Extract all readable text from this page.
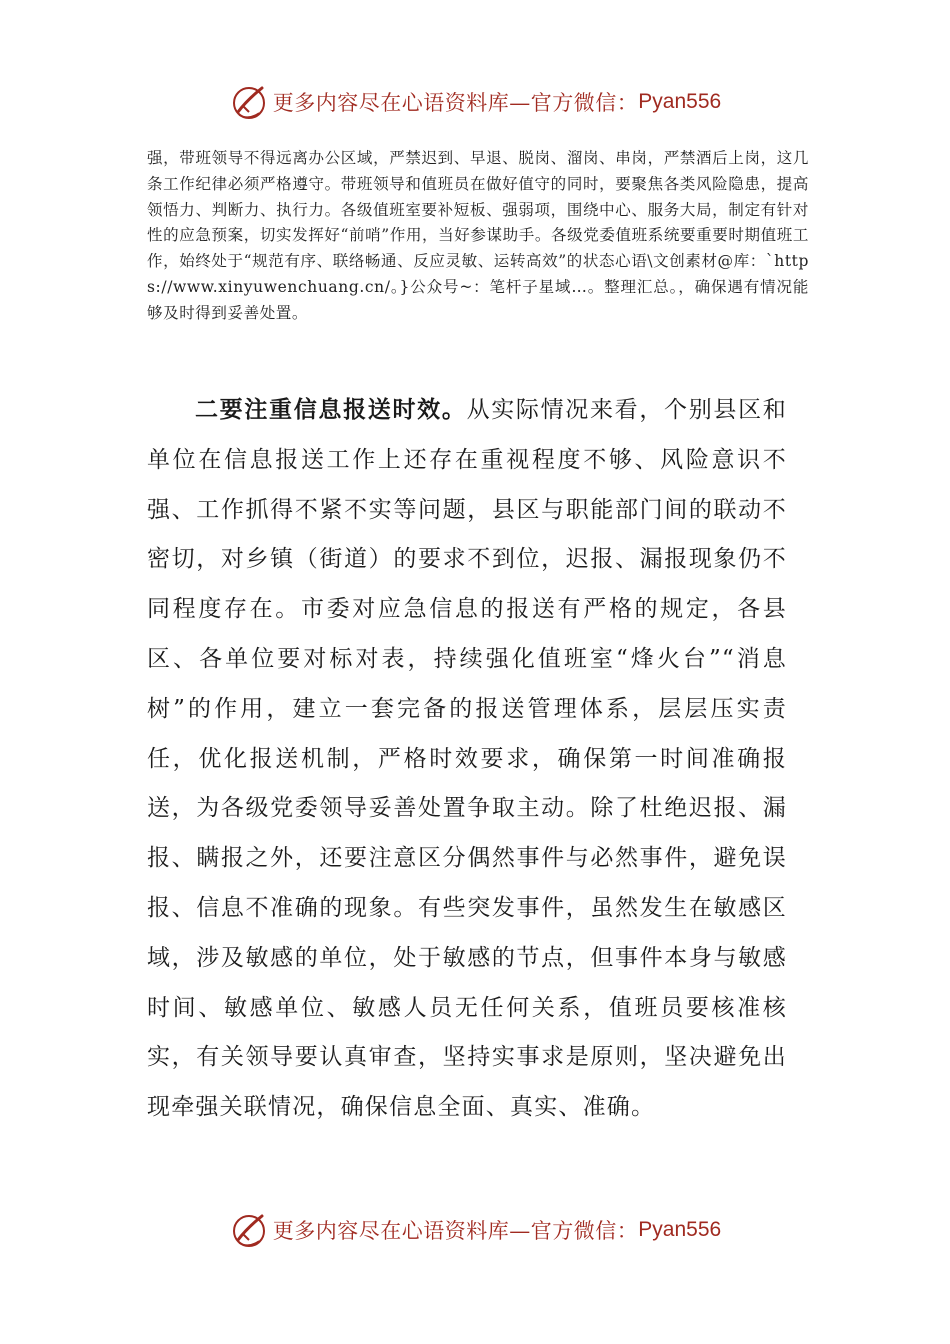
更多内容尽在心语资料库—官方微信： Pyan556
强，带班领导不得远离办公区域，严禁迟到、早退、脱岗、溜岗、串岗，严禁酒后上岗，这几条工作纪律必须严格遵守。带班领导和值班员在做好值守的同时，要聚焦各类风险隐患，提高领悟力、判断力、执行力。各级值班室要补短板、强弱项，围绕中心、服务大局，制定有针对性的应急预案，切实发挥好“前哨”作用，当好参谋助手。各级党委值班系统要重要时期值班工作，始终处于“规范有序、联络畅通、反应灵敏、运转高效”的状态心语\文创素材@库：`https://www.xinyuwenchuang.cn/。}公众号~：笔杆子星域…。整理汇总。，确保遇有情况能够及时得到妥善处置。
二要注重信息报送时效。从实际情况来看，个别县区和单位在信息报送工作上还存在重视程度不够、风险意识不强、工作抓得不紧不实等问题，县区与职能部门间的联动不密切，对乡镇（街道）的要求不到位，迟报、漏报现象仍不同程度存在。市委对应急信息的报送有严格的规定，各县区、各单位要对标对表，持续强化值班室“烽火台”“消息树”的作用，建立一套完备的报送管理体系，层层压实责任，优化报送机制，严格时效要求，确保第一时间准确报送，为各级党委领导妥善处置争取主动。除了杜绝迟报、漏报、瞒报之外，还要注意区分偶然事件与必然事件，避免误报、信息不准确的现象。有些突发事件，虽然发生在敏感区域，涉及敏感的单位，处于敏感的节点，但事件本身与敏感时间、敏感单位、敏感人员无任何关系，值班员要核准核实，有关领导要认真审查，坚持实事求是原则，坚决避免出现牵强关联情况，确保信息全面、真实、准确。
更多内容尽在心语资料库—官方微信： Pyan556
